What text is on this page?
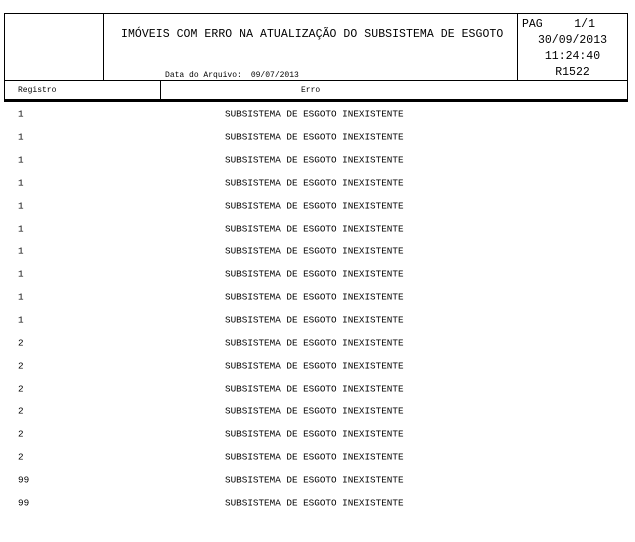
IMÓVEIS COM ERRO NA ATUALIZAÇÃO DO SUBSISTEMA DE ESGOTO

Data do Arquivo: 09/07/2013

PAG	1/1
30/09/2013
11:24:40
R1522
Registro	Erro

1

	SUBSISTEMA DE ESGOTO INEXISTENTE

1

	SUBSISTEMA DE ESGOTO INEXISTENTE

1

	SUBSISTEMA DE ESGOTO INEXISTENTE

1

	SUBSISTEMA DE ESGOTO INEXISTENTE

1

	SUBSISTEMA DE ESGOTO INEXISTENTE

1

	SUBSISTEMA DE ESGOTO INEXISTENTE

1

	SUBSISTEMA DE ESGOTO INEXISTENTE

1

	SUBSISTEMA DE ESGOTO INEXISTENTE

1

	SUBSISTEMA DE ESGOTO INEXISTENTE

1

	SUBSISTEMA DE ESGOTO INEXISTENTE

2

	SUBSISTEMA DE ESGOTO INEXISTENTE

2

	SUBSISTEMA DE ESGOTO INEXISTENTE

2

	SUBSISTEMA DE ESGOTO INEXISTENTE

2

	SUBSISTEMA DE ESGOTO INEXISTENTE

2

	SUBSISTEMA DE ESGOTO INEXISTENTE

2

	SUBSISTEMA DE ESGOTO INEXISTENTE

99

	SUBSISTEMA DE ESGOTO INEXISTENTE

99

	SUBSISTEMA DE ESGOTO INEXISTENTE
